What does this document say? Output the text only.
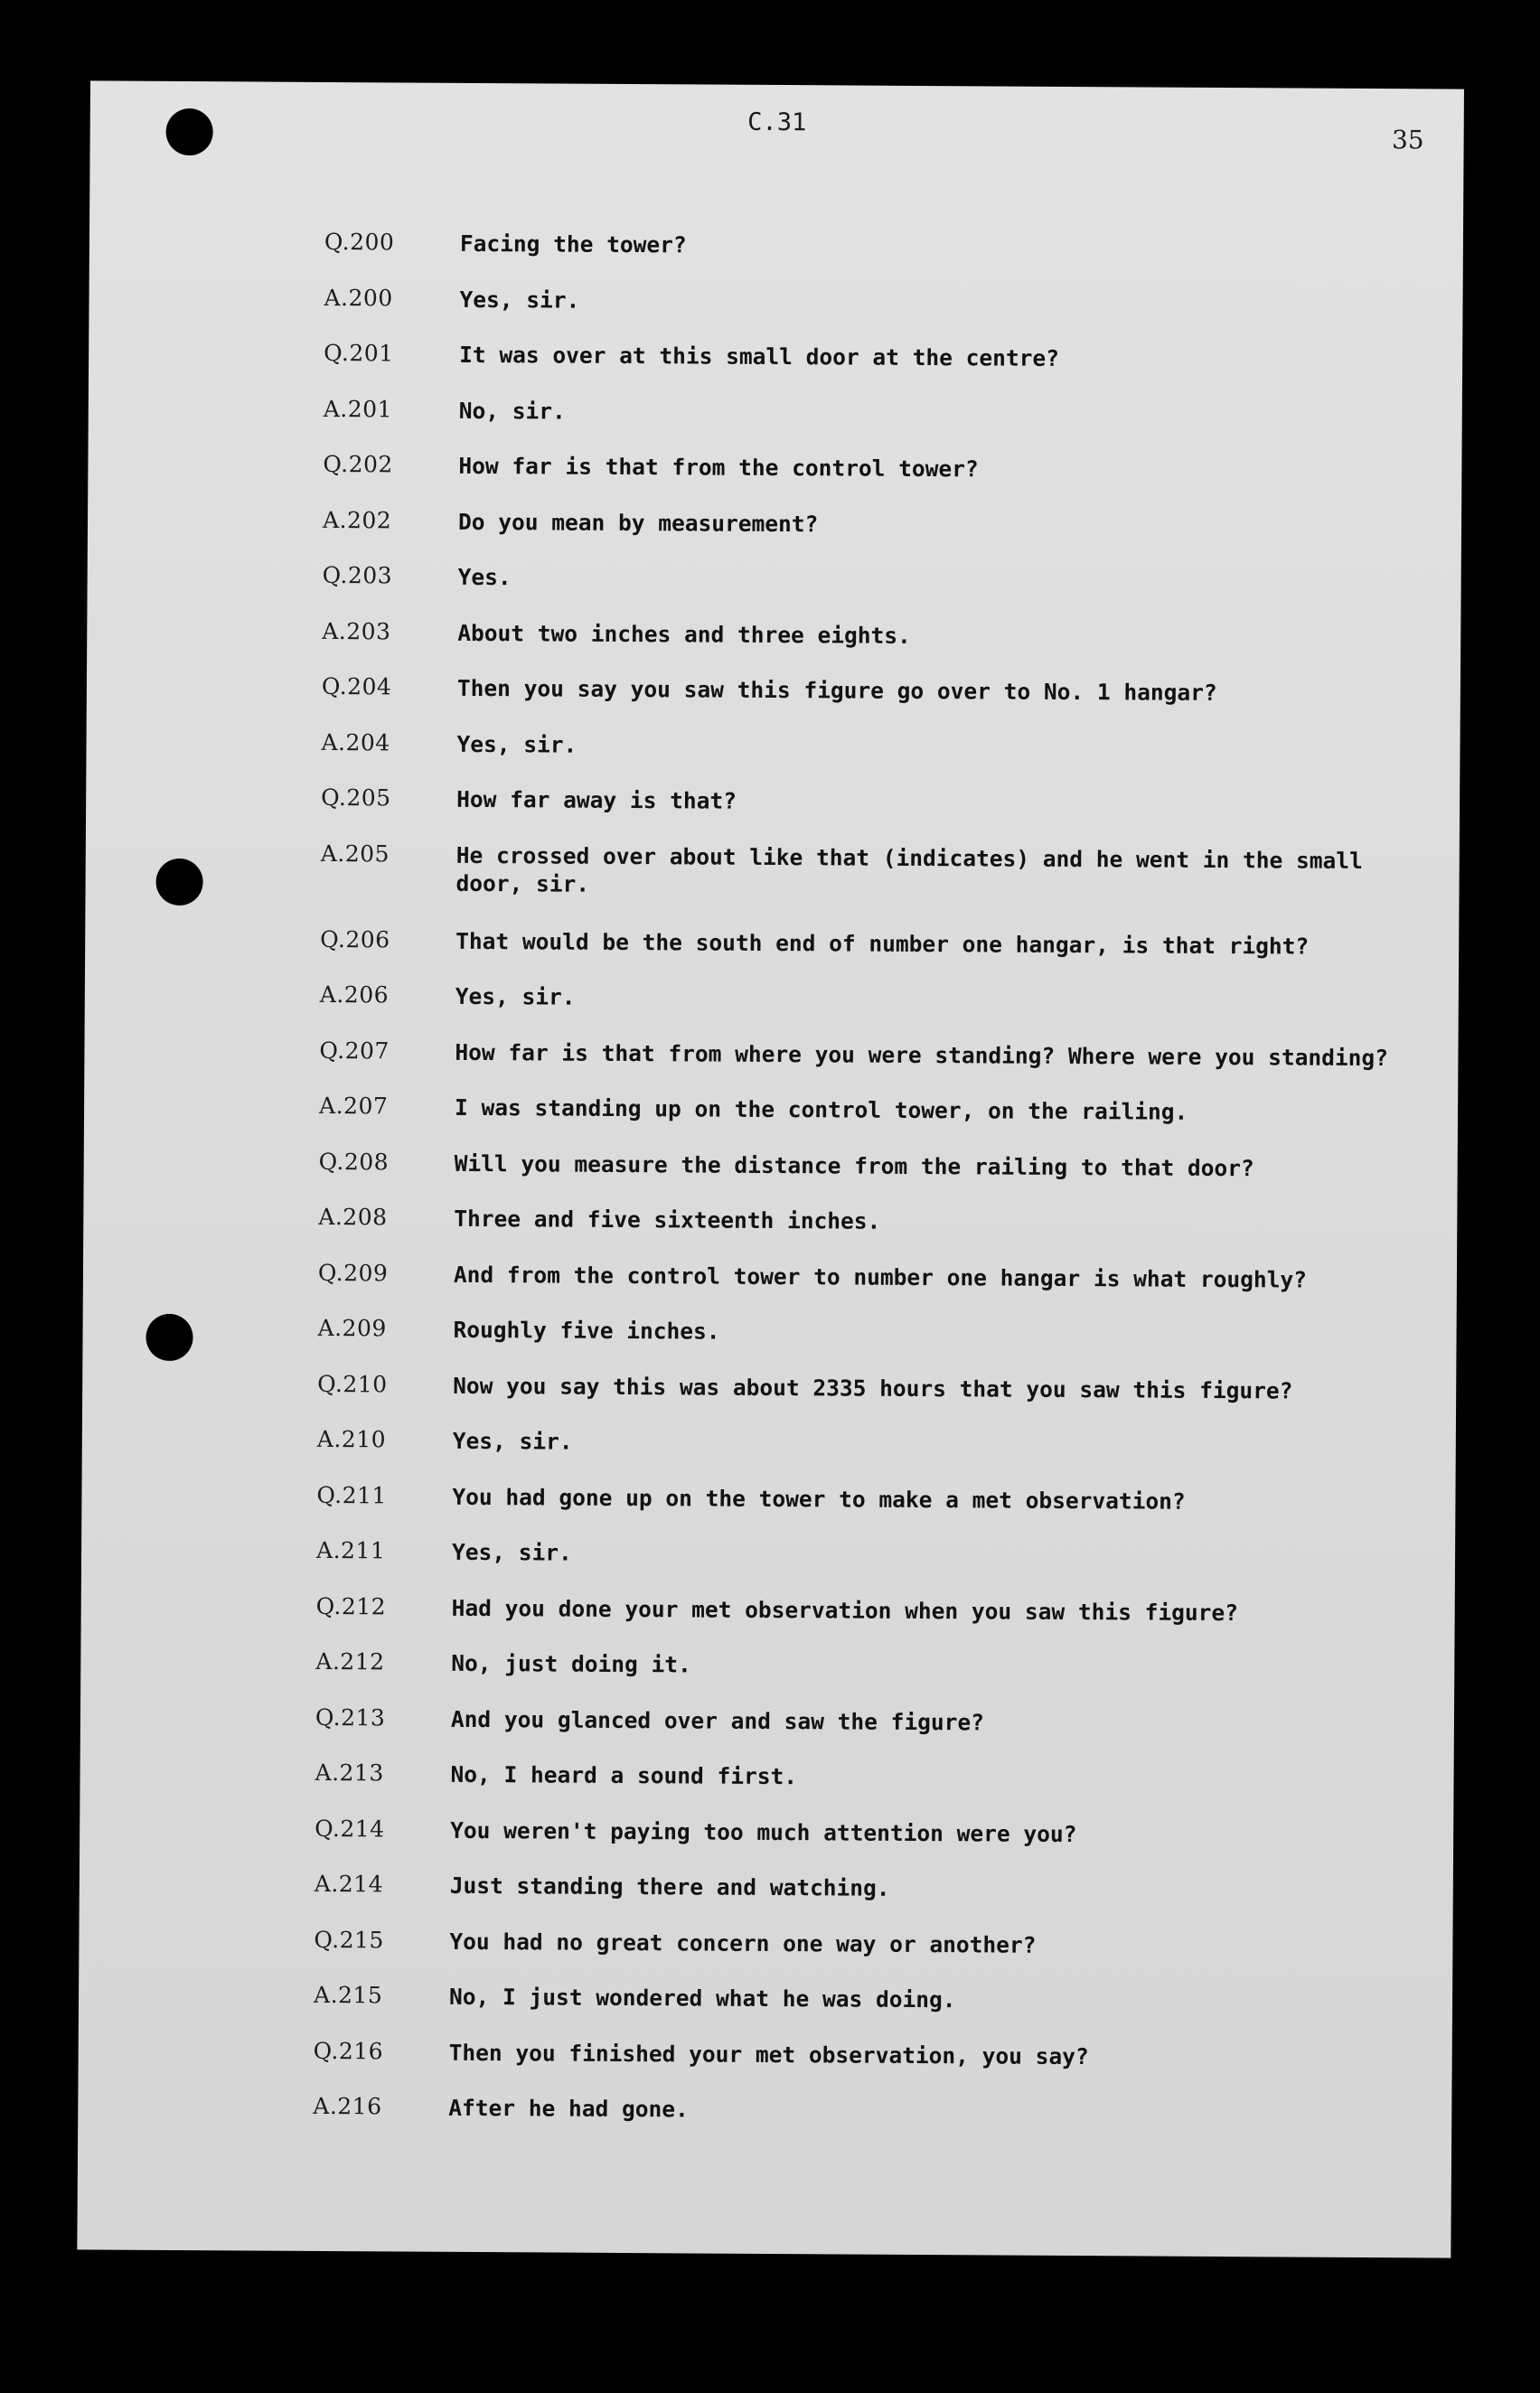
C.31
35
Q.200	Facing the tower?
A.200	Yes, sir.
Q.201	It was over at this small door at the centre?
A.201	No, sir.
Q.202	How far is that from the control tower?
A.202	Do you mean by measurement?
Q.203	Yes.
A.203	About two inches and three eights.
Q.204	Then you say you saw this figure go over to No. 1 hangar?
A.204	Yes, sir.
Q.205	How far away is that?
A.205	He crossed over about like that (indicates) and he went in the small door, sir.
Q.206	That would be the south end of number one hangar, is that right?
A.206	Yes, sir.
Q.207	How far is that from where you were standing? Where were you standing?
A.207	I was standing up on the control tower, on the railing.
Q.208	Will you measure the distance from the railing to that door?
A.208	Three and five sixteenth inches.
Q.209	And from the control tower to number one hangar is what roughly?
A.209	Roughly five inches.
Q.210	Now you say this was about 2335 hours that you saw this figure?
A.210	Yes, sir.
Q.211	You had gone up on the tower to make a met observation?
A.211	Yes, sir.
Q.212	Had you done your met observation when you saw this figure?
A.212	No, just doing it.
Q.213	And you glanced over and saw the figure?
A.213	No, I heard a sound first.
Q.214	You weren't paying too much attention were you?
A.214	Just standing there and watching.
Q.215	You had no great concern one way or another?
A.215	No, I just wondered what he was doing.
Q.216	Then you finished your met observation, you say?
A.216	After he had gone.
